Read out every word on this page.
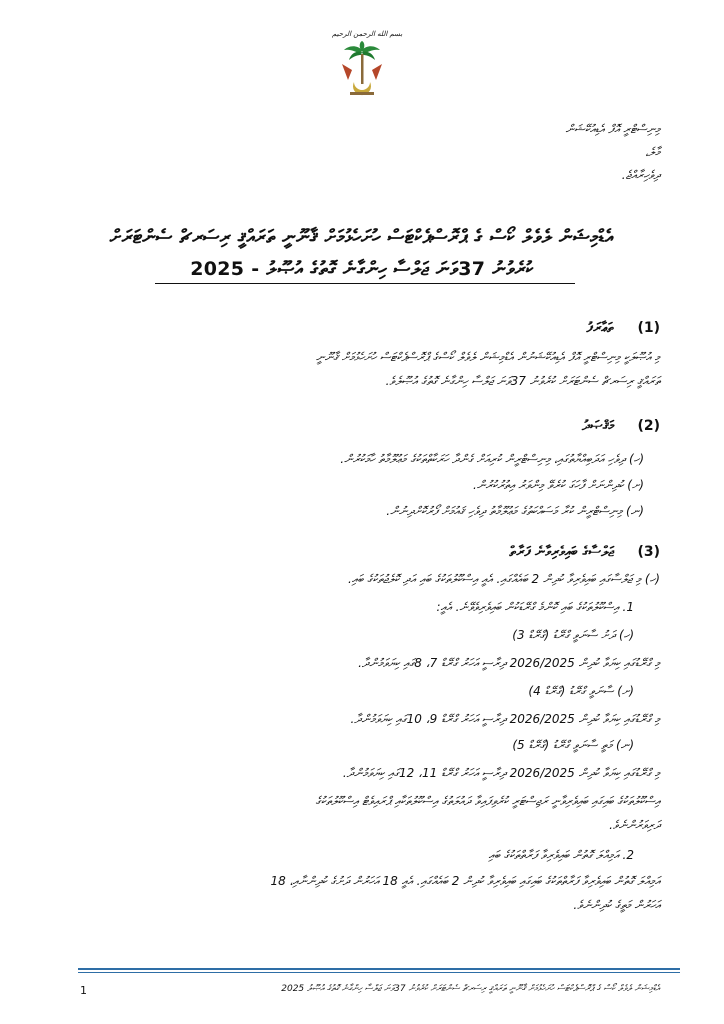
بسم الله الرحمن الرحيم
މިނިސްޓްރީ އޮފް އެޑިއުކޭޝަން
މާލެ،
ދިވެހިރާއްޖެ.
އެޑްމިޝަން ލެވެލް ކޯސް ގެ ޕްރޮސްޕެކްޓަސް ހުށަހެޅުމަށް ޤާނޫނީ ތަރައްޤީ ރިސަރޗް ސެންޓަރަށް
ކުރެވުނު 37ވަނަ ޖަލްސާ ހިންގާނެ ގޮތުގެ އުޞޫލު - 2025
(1)
ތަޢާރަފު
މި އުޞޫލަކީ މިނިސްޓްރީ އޮފް އެޑިއުކޭޝަނުން އެޑްމިޝަން ލެވެލް ކޯސްގެ ޕްރޮސްޕެކްޓަސް ހުށަހެޅުމަށް ޤާނޫނީ
ތަރައްޤީ ރިސަރޗް ސެންޓަރަށް ކުރެވުނު 37ވަނަ ޖަލްސާ ހިންގާނެ ގޮތުގެ އުޞޫލެވެ.
(2)
މަޤްޞަދު
(ހ) ދިވެހި އަދަބިއްޔާތުގައި، މިނިސްޓްރީން ކުރިއަށް ގެންދާ ހަރަކާތްތަކުގެ މަޢުލޫމާތު ހާމަކުރުން.
(ށ) ކުދިންނަށް ފާހަގަ ކުރެވޭ މިންވަރު އިތުރުކުރުން.
(ނ) މިނިސްޓްރީން ކުރާ މަސައްކަތުގެ މަޢުލޫމާތު ދިވެހި ޤައުމަށް ފޯރުކޮށްދިނުން.
(3)
ޖަލްސާގެ ބައިވެރިވާނެ ފަރާތް
(ހ) މި ޖަލްސާގައި ބައިވެރިވާ ކުދިން 2 ބައެއްގައި. އެއީ އިސްކޫލުތަކުގެ ބައި އަދި ކޮލެޖުތަކުގެ ބައި.
1. އިސްކޫލުތަކުގެ ބައި ކޮންމެ ގްރޭޑަކުން ބައިވެރިވެވޭނެ. އެއީ:
(ހ) ދަށު ސާނަވީ ގްރޭޑު (ގްރޭޑް 3)
މި ގްރޭޑުގައި ކިޔަވާ ކުދިން 2026/2025 ދިރާސީ އަހަރު ގްރޭޑް 7، 8ގައި ކިޔަވަމުންދާ.
(ށ) ސާނަވީ ގްރޭޑު (ގްރޭޑް 4)
މި ގްރޭޑުގައި ކިޔަވާ ކުދިން 2026/2025 ދިރާސީ އަހަރު ގްރޭޑް 9، 10ގައި ކިޔަވަމުންދާ.
(ނ) މަތީ ސާނަވީ ގްރޭޑު (ގްރޭޑް 5)
މި ގްރޭޑުގައި ކިޔަވާ ކުދިން 2026/2025 ދިރާސީ އަހަރު ގްރޭޑް 11، 12ގައި ކިޔަވަމުންދާ.
އިސްކޫލުތަކުގެ ބައިގައި ބައިވެރިވާނީ ރަޖިސްޓަރީ ކުރެވިފައިވާ ދައުލަތުގެ އިސްކޫލުތަކާއި ޕްރައިވެޓް އިސްކޫލުތަކުގެ
ދަރިވަރުންނެވެ.
2. އަމިއްލަ ގޮތުން ބައިވެރިވާ ފަރާތްތަކުގެ ބައި
އަމިއްލަ ގޮތުން ބައިވެރިވާ ފަރާތްތަކުގެ ބައިގައި ބައިވެރިވާ ކުދިން 2 ބައެއްގައި. އެއީ 18 އަހަރުން ދަށުގެ ކުދިންނާއި، 18
އަހަރުން މަތީގެ ކުދިންނެވެ.
1	އެޑްމިޝަން ލެވެލް ކޯސް ގެ ޕްރޮސްޕެކްޓަސް ހުށަހެޅުމަށް ޤާނޫނީ ތަރައްޤީ ރިސަރޗް ސެންޓަރަށް ކުރެވުނު 37ވަނަ ޖަލްސާ ހިންގާނެ ގޮތުގެ އުޞޫލު 2025
